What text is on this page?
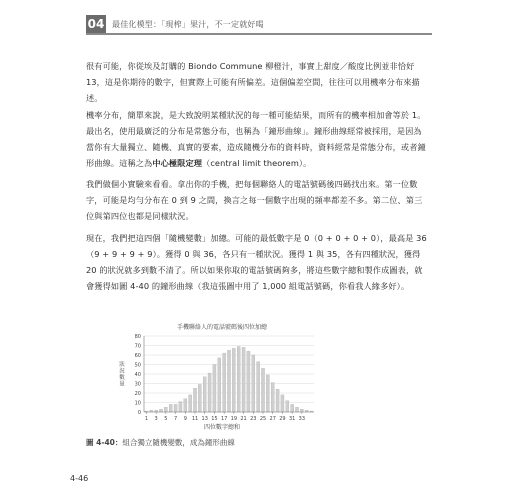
04 最佳化模型：「現榨」果汁，不一定就好喝
很有可能，你從埃及訂購的 Biondo Commune 柳橙汁，事實上甜度／酸度比例並非恰好 13，這是你期待的數字，但實際上可能有所偏差。這個偏差空間，往往可以用機率分布來描述。
機率分布，簡單來說，是大致說明某種狀況的每一種可能結果，而所有的機率相加會等於 1。最出名，使用最廣泛的分布是常態分布，也稱為「鐘形曲線」。鐘形曲線經常被採用，是因為當你有大量獨立、隨機、真實的要素，造成隨機分布的資料時，資料經常是常態分布，或者鐘形曲線。這稱之為中心極限定理（central limit theorem）。
我們做個小實驗來看看。拿出你的手機，把每個聯絡人的電話號碼後四碼找出來。第一位數字，可能是均勻分布在 0 到 9 之間，換言之每一個數字出現的頻率都差不多。第二位、第三位與第四位也都是同樣狀況。
現在，我們把這四個「隨機變數」加總。可能的最低數字是 0（0 + 0 + 0 + 0），最高是 36（9 + 9 + 9 + 9）。獲得 0 與 36，各只有一種狀況。獲得 1 與 35，各有四種狀況，獲得 20 的狀況就多到數不清了。所以如果你取的電話號碼夠多，將這些數字總和製作成圖表，就會獲得如圖 4-40 的鐘形曲線（我這張圖中用了 1,000 組電話號碼，你看我人緣多好）。
手機聯絡人的電話號碼後四位加總
0
10
20
30
40
50
60
70
80
1 3 5 7 9 11 13 15 17 19 21 23 25 27 29 31 33
狀
況
數
量
四位數字總和
圖 4-40：組合獨立隨機變數，成為鐘形曲線
4-46
